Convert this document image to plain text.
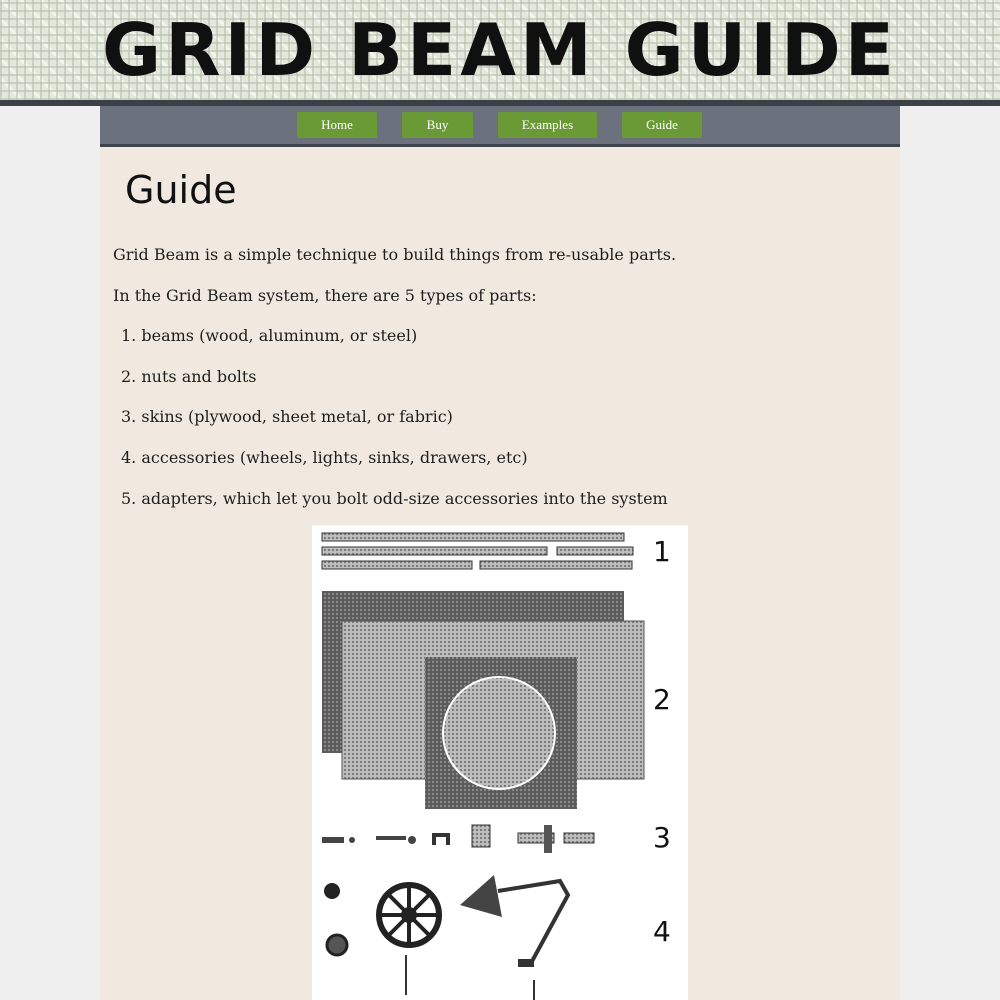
GRID BEAM GUIDE
Home	Buy	Examples	Guide
Guide

Grid Beam is a simple technique to build things from re-usable parts.

In the Grid Beam system, there are 5 types of parts:

1. beams (wood, aluminum, or steel)

2. nuts and bolts

3. skins (plywood, sheet metal, or fabric)

4. accessories (wheels, lights, sinks, drawers, etc)

5. adapters, which let you bolt odd-size accessories into the system

1
2
3
4
